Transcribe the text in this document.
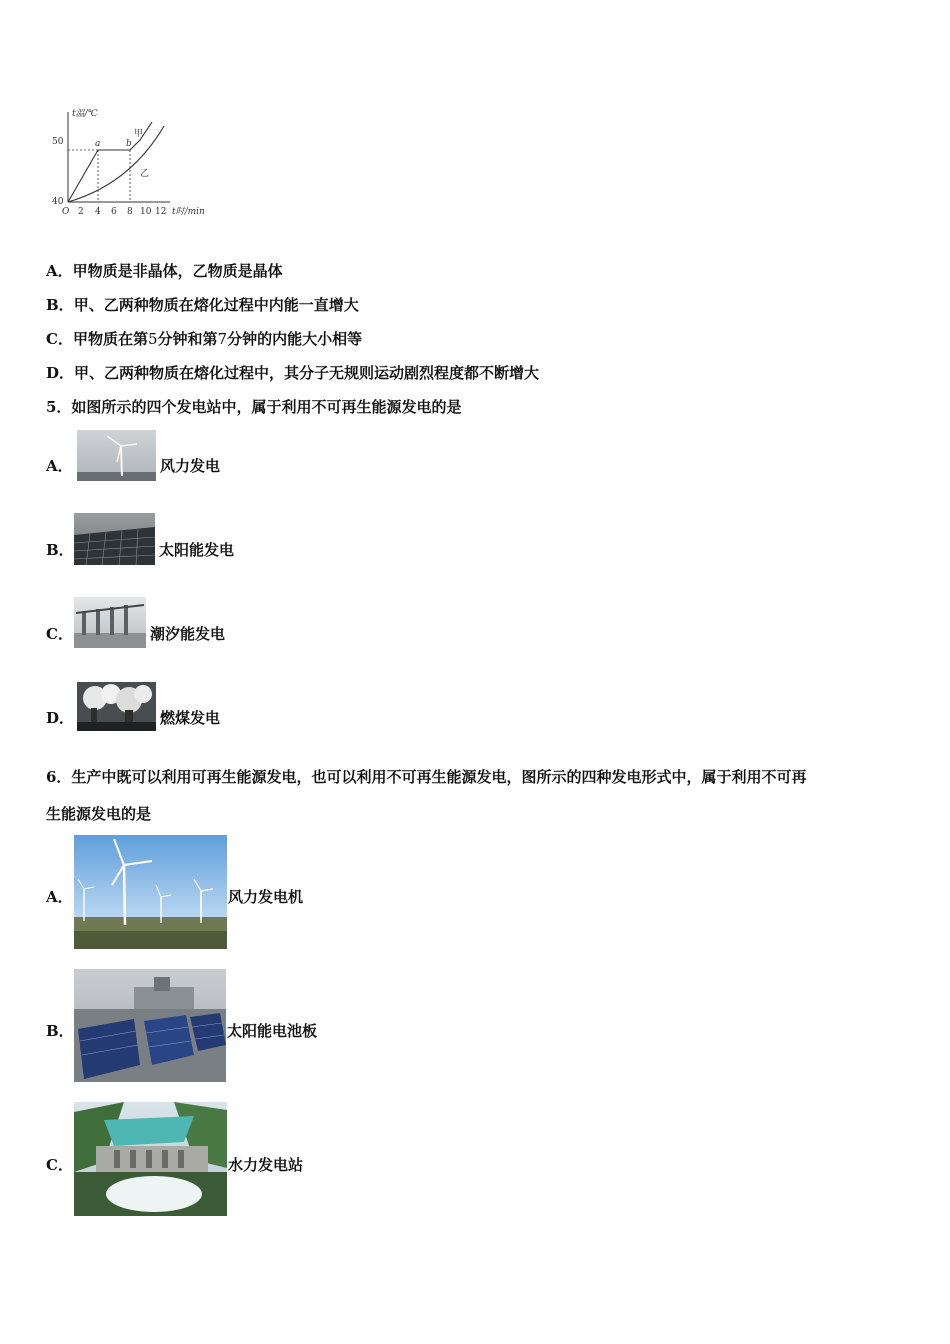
t温/℃
50
40
O 2 4 6 8 10 12 t时/min
a	b
甲
乙
A．甲物质是非晶体，乙物质是晶体
B．甲、乙两种物质在熔化过程中内能一直增大
C．甲物质在第5分钟和第7分钟的内能大小相等
D．甲、乙两种物质在熔化过程中，其分子无规则运动剧烈程度都不断增大
5．如图所示的四个发电站中，属于利用不可再生能源发电的是
A．	风力发电
B．	太阳能发电
C．	潮汐能发电
D．	燃煤发电
6．生产中既可以利用可再生能源发电，也可以利用不可再生能源发电，图所示的四种发电形式中，属于利用不可再
生能源发电的是
A．	风力发电机
B．	太阳能电池板
C．	水力发电站
